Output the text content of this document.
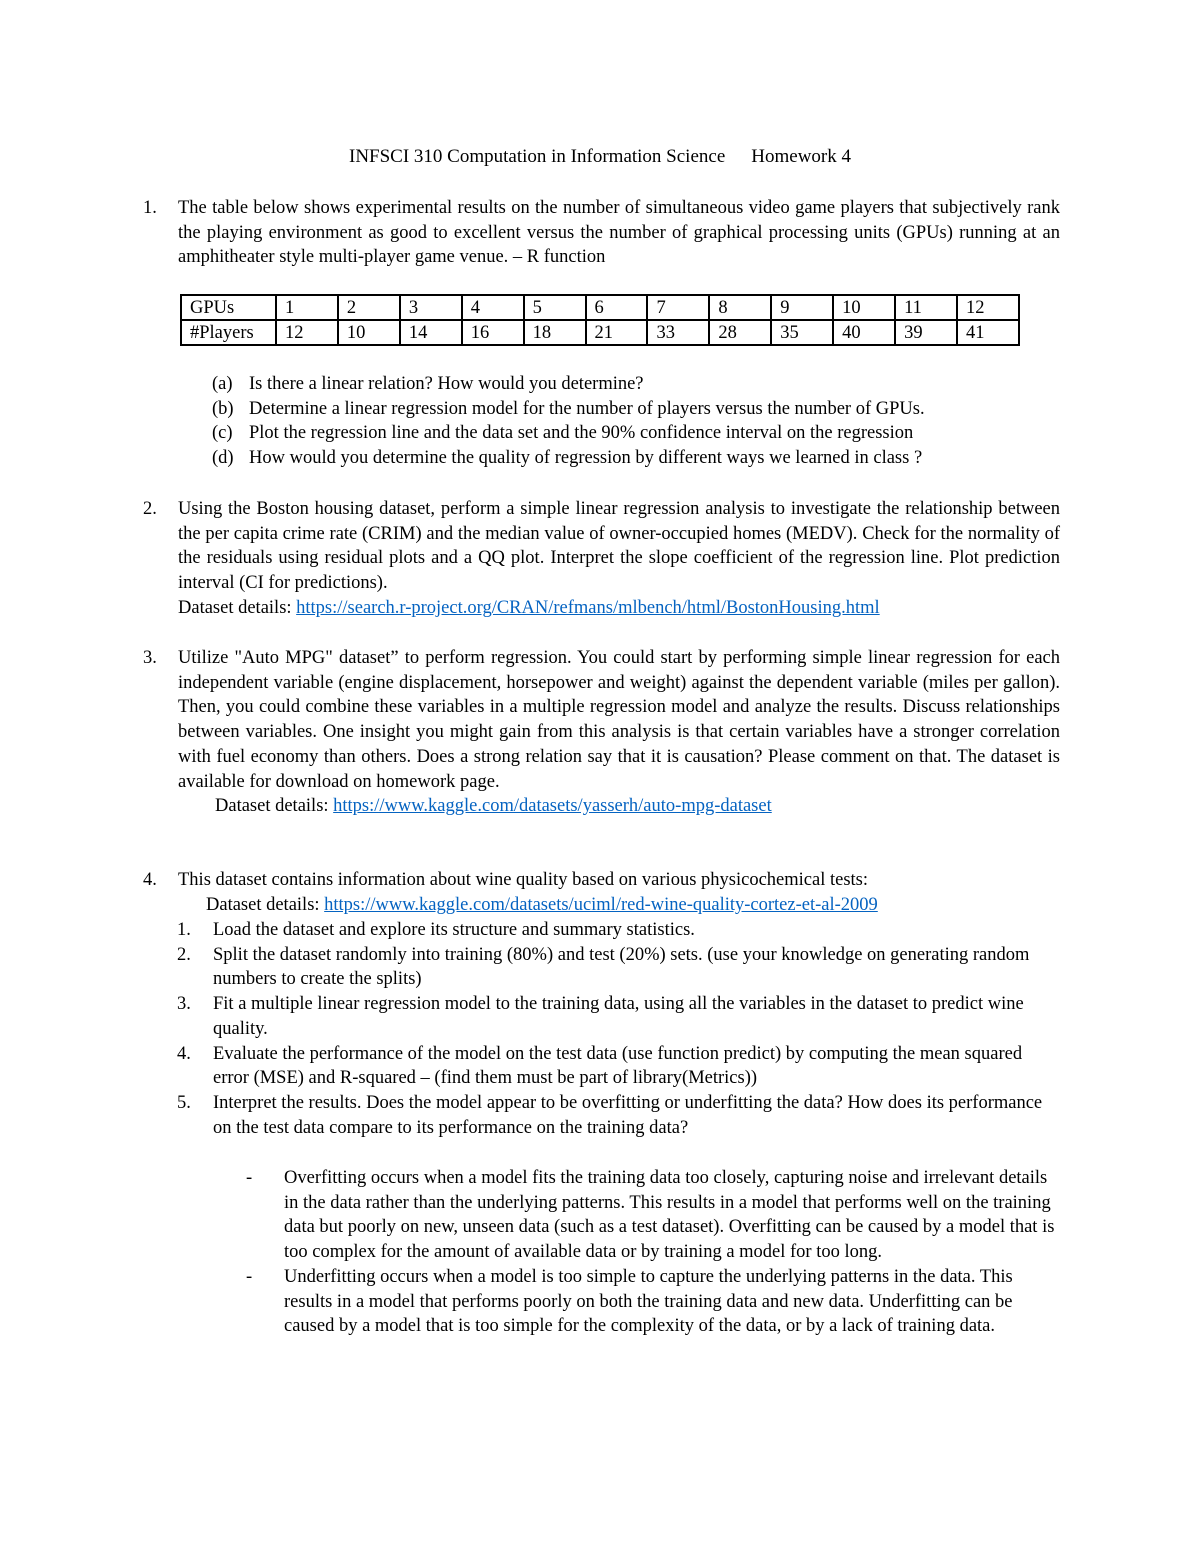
INFSCI 310 Computation in Information Science Homework 4
1.	The table below shows experimental results on the number of simultaneous video game players that subjectively rank the playing environment as good to excellent versus the number of graphical processing units (GPUs) running at an amphitheater style multi-player game venue. – R function
GPUs	1	2	3	4	5	6	7	8	9	10	11	12
#Players	12	10	14	16	18	21	33	28	35	40	39	41
(a) Is there a linear relation? How would you determine?
(b) Determine a linear regression model for the number of players versus the number of GPUs.
(c) Plot the regression line and the data set and the 90% confidence interval on the regression
(d) How would you determine the quality of regression by different ways we learned in class ?
2.	Using the Boston housing dataset, perform a simple linear regression analysis to investigate the relationship between the per capita crime rate (CRIM) and the median value of owner-occupied homes (MEDV). Check for the normality of the residuals using residual plots and a QQ plot. Interpret the slope coefficient of the regression line. Plot prediction interval (CI for predictions).
Dataset details: https://search.r-project.org/CRAN/refmans/mlbench/html/BostonHousing.html
3.	Utilize "Auto MPG" dataset” to perform regression. You could start by performing simple linear regression for each independent variable (engine displacement, horsepower and weight) against the dependent variable (miles per gallon). Then, you could combine these variables in a multiple regression model and analyze the results. Discuss relationships between variables. One insight you might gain from this analysis is that certain variables have a stronger correlation with fuel economy than others. Does a strong relation say that it is causation? Please comment on that. The dataset is available for download on homework page.
Dataset details: https://www.kaggle.com/datasets/yasserh/auto-mpg-dataset
4.	This dataset contains information about wine quality based on various physicochemical tests:
Dataset details: https://www.kaggle.com/datasets/uciml/red-wine-quality-cortez-et-al-2009
1. Load the dataset and explore its structure and summary statistics.
2. Split the dataset randomly into training (80%) and test (20%) sets. (use your knowledge on generating random numbers to create the splits)
3. Fit a multiple linear regression model to the training data, using all the variables in the dataset to predict wine quality.
4. Evaluate the performance of the model on the test data (use function predict) by computing the mean squared error (MSE) and R-squared – (find them must be part of library(Metrics))
5. Interpret the results. Does the model appear to be overfitting or underfitting the data? How does its performance on the test data compare to its performance on the training data?
- Overfitting occurs when a model fits the training data too closely, capturing noise and irrelevant details in the data rather than the underlying patterns. This results in a model that performs well on the training data but poorly on new, unseen data (such as a test dataset). Overfitting can be caused by a model that is too complex for the amount of available data or by training a model for too long.
- Underfitting occurs when a model is too simple to capture the underlying patterns in the data. This results in a model that performs poorly on both the training data and new data. Underfitting can be caused by a model that is too simple for the complexity of the data, or by a lack of training data.
